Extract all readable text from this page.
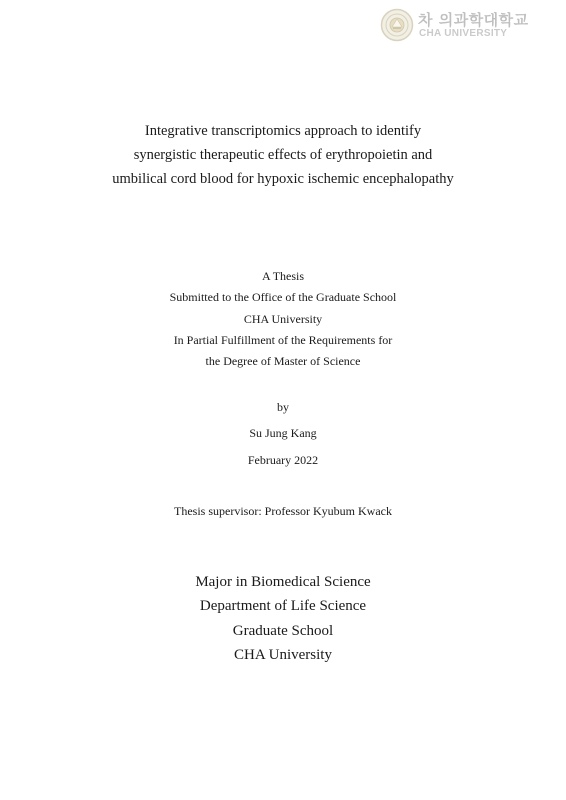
차 의과학대학교
CHA UNIVERSITY
Integrative transcriptomics approach to identify
synergistic therapeutic effects of erythropoietin and
umbilical cord blood for hypoxic ischemic encephalopathy
A Thesis
Submitted to the Office of the Graduate School
CHA University
In Partial Fulfillment of the Requirements for
the Degree of Master of Science
by
Su Jung Kang
February 2022
Thesis supervisor: Professor Kyubum Kwack
Major in Biomedical Science
Department of Life Science
Graduate School
CHA University
